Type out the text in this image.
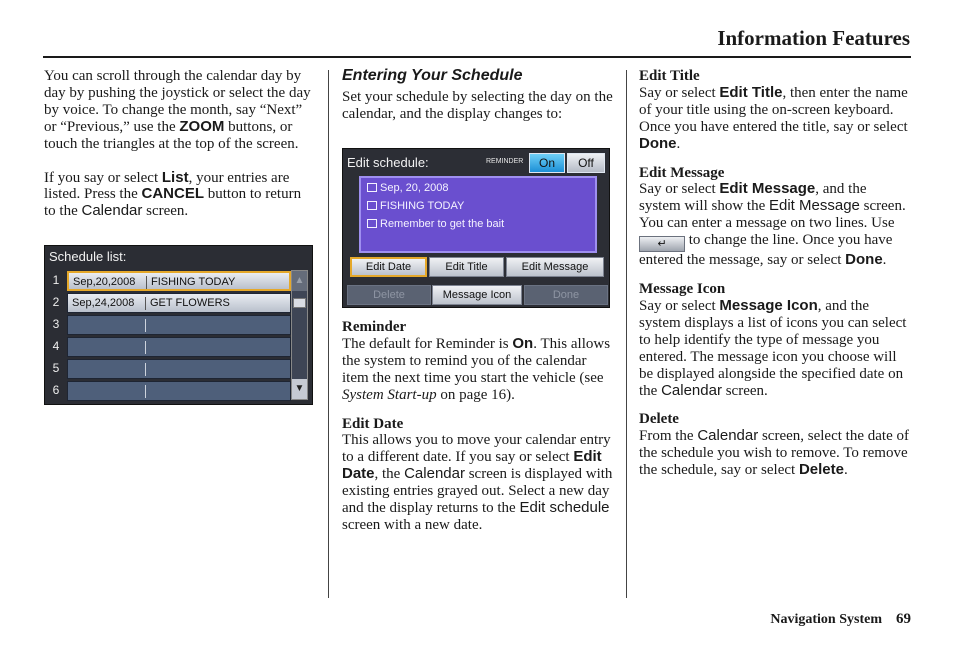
Information Features

You can scroll through the calendar day by day by pushing the joystick or select the day by voice. To change the month, say “Next” or “Previous,” use the ZOOM buttons, or touch the triangles at the top of the screen.

If you say or select List, your entries are listed. Press the CANCEL button to return to the Calendar screen.

Schedule list:
1	Sep,20,2008 FISHING TODAY
2	Sep,24,2008 GET FLOWERS
3
4
5
6
▲
▼
Entering Your Schedule

Set your schedule by selecting the day on the calendar, and the display changes to:

Reminder

The default for Reminder is On. This allows the system to remind you of the calendar item the next time you start the vehicle (see System Start-up on page 16).

Edit Date

This allows you to move your calendar entry to a different date. If you say or select Edit Date, the Calendar screen is displayed with existing entries grayed out. Select a new day and the display returns to the Edit schedule screen with a new date.

Edit schedule:	REMINDER	On	Off
Sep, 20, 2008
FISHING TODAY
Remember to get the bait
Edit Date	Edit Title	Edit Message
Delete	Message Icon	Done

Edit Title

Say or select Edit Title, then enter the name of your title using the on-screen keyboard. Once you have entered the title, say or select Done.

Edit Message

Say or select Edit Message, and the system will show the Edit Message screen. You can enter a message on two lines. Use ↵ to change the line. Once you have entered the message, say or select Done.

Message Icon

Say or select Message Icon, and the system displays a list of icons you can select to help identify the type of message you entered. The message icon you choose will be displayed alongside the specified date on the Calendar screen.

Delete

From the Calendar screen, select the date of the schedule you wish to remove. To remove the schedule, say or select Delete.

Navigation System 69
